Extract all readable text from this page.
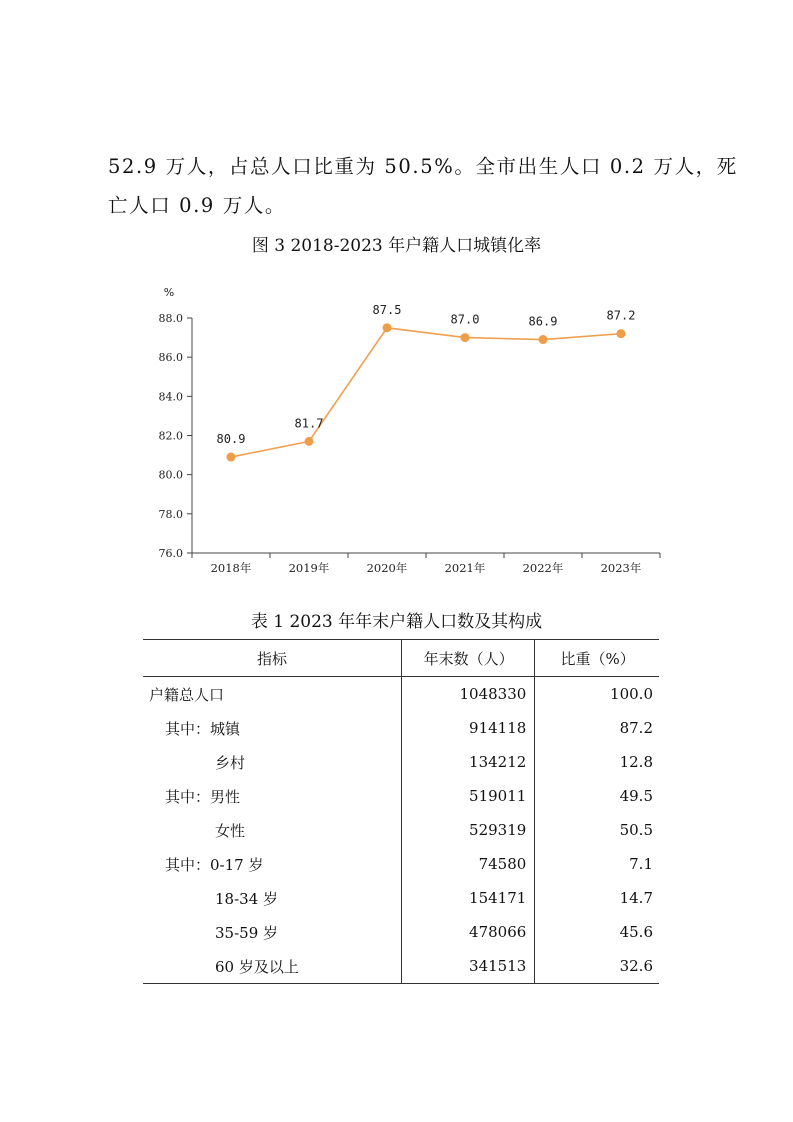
52.9 万人，占总人口比重为 50.5%。全市出生人口 0.2 万人，死
亡人口 0.9 万人。
图 3 2018-2023 年户籍人口城镇化率
%
76.0
78.0
80.0
82.0
84.0
86.0
88.0
2018年	2019年	2020年	2021年	2022年	2023年
80.9
81.7
87.5
87.0	86.9	87.2
表 1 2023 年年末户籍人口数及其构成
指标	年末数（人）	比重（%）
户籍总人口	1048330	100.0
其中：城镇	914118	87.2
乡村	134212	12.8
其中：男性	519011	49.5
女性	529319	50.5
其中：0-17 岁	74580	7.1
18-34 岁	154171	14.7
35-59 岁	478066	45.6
60 岁及以上	341513	32.6
